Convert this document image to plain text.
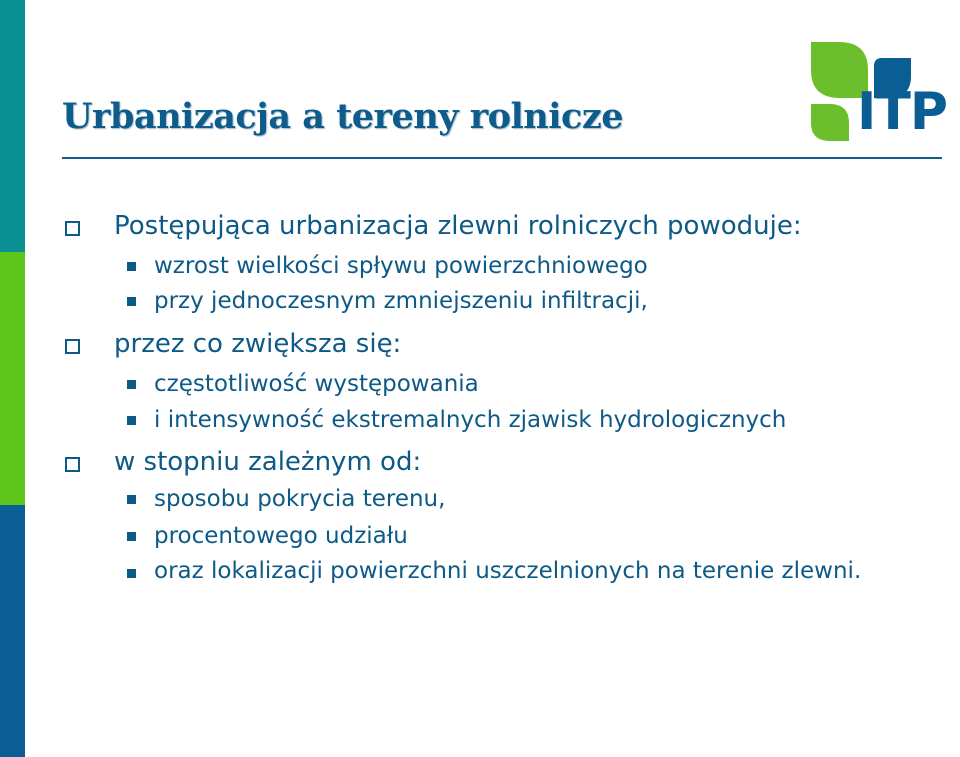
Urbanizacja a tereny rolnicze	ITP
Postępująca urbanizacja zlewni rolniczych powoduje:
wzrost wielkości spływu powierzchniowego
przy jednoczesnym zmniejszeniu infiltracji,
przez co zwiększa się:
częstotliwość występowania
i intensywność ekstremalnych zjawisk hydrologicznych
w stopniu zależnym od:
sposobu pokrycia terenu,
procentowego udziału
oraz lokalizacji powierzchni uszczelnionych na terenie zlewni.
